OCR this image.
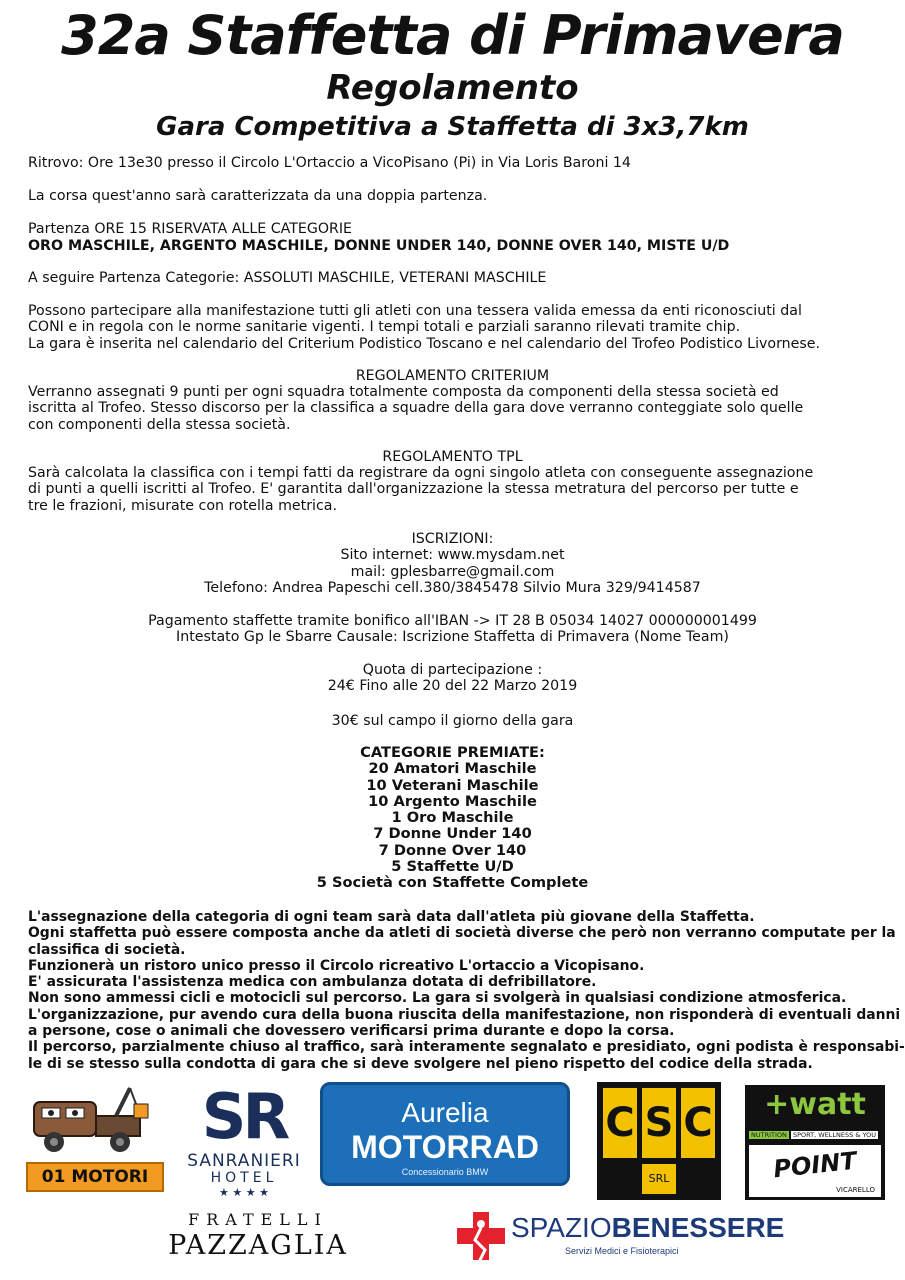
32a Staffetta di Primavera
Regolamento
Gara Competitiva a Staffetta di 3x3,7km
Ritrovo: Ore 13e30 presso il Circolo L'Ortaccio a VicoPisano (Pi) in Via Loris Baroni 14
La corsa quest'anno sarà caratterizzata da una doppia partenza.
Partenza ORE 15 RISERVATA ALLE CATEGORIE
ORO MASCHILE, ARGENTO MASCHILE, DONNE UNDER 140, DONNE OVER 140, MISTE U/D
A seguire Partenza Categorie: ASSOLUTI MASCHILE, VETERANI MASCHILE
Possono partecipare alla manifestazione tutti gli atleti con una tessera valida emessa da enti riconosciuti dal
CONI e in regola con le norme sanitarie vigenti. I tempi totali e parziali saranno rilevati tramite chip.
La gara è inserita nel calendario del Criterium Podistico Toscano e nel calendario del Trofeo Podistico Livornese.
REGOLAMENTO CRITERIUM
Verranno assegnati 9 punti per ogni squadra totalmente composta da componenti della stessa società ed
iscritta al Trofeo. Stesso discorso per la classifica a squadre della gara dove verranno conteggiate solo quelle
con componenti della stessa società.
REGOLAMENTO TPL
Sarà calcolata la classifica con i tempi fatti da registrare da ogni singolo atleta con conseguente assegnazione
di punti a quelli iscritti al Trofeo. E' garantita dall'organizzazione la stessa metratura del percorso per tutte e
tre le frazioni, misurate con rotella metrica.
ISCRIZIONI:
Sito internet: www.mysdam.net
mail: gplesbarre@gmail.com
Telefono: Andrea Papeschi cell.380/3845478 Silvio Mura 329/9414587
Pagamento staffette tramite bonifico all'IBAN -> IT 28 B 05034 14027 000000001499
Intestato Gp le Sbarre Causale: Iscrizione Staffetta di Primavera (Nome Team)
Quota di partecipazione :
24€ Fino alle 20 del 22 Marzo 2019
30€ sul campo il giorno della gara
CATEGORIE PREMIATE:
20 Amatori Maschile
10 Veterani Maschile
10 Argento Maschile
1 Oro Maschile
7 Donne Under 140
7 Donne Over 140
5 Staffette U/D
5 Società con Staffette Complete
L'assegnazione della categoria di ogni team sarà data dall'atleta più giovane della Staffetta.
Ogni staffetta può essere composta anche da atleti di società diverse che però non verranno computate per la
classifica di società.
Funzionerà un ristoro unico presso il Circolo ricreativo L'ortaccio a Vicopisano.
E' assicurata l'assistenza medica con ambulanza dotata di defribillatore.
Non sono ammessi cicli e motocicli sul percorso. La gara si svolgerà in qualsiasi condizione atmosferica.
L'organizzazione, pur avendo cura della buona riuscita della manifestazione, non risponderà di eventuali danni
a persone, cose o animali che dovessero verificarsi prima durante e dopo la corsa.
Il percorso, parzialmente chiuso al traffico, sarà interamente segnalato e presidiato, ogni podista è responsabi-
le di se stesso sulla condotta di gara che si deve svolgere nel pieno rispetto del codice della strada.
01 MOTORI
SR
SANRANIERI
HOTEL
★ ★ ★ ★
Aurelia
MOTORRAD
Concessionario BMW
C S C
SRL
+watt
NUTRITION SPORT, WELLNESS & YOU
POINT
VICARELLO
FRATELLI
PAZZAGLIA
SPAZIOBENESSERE
Servizi Medici e Fisioterapici
